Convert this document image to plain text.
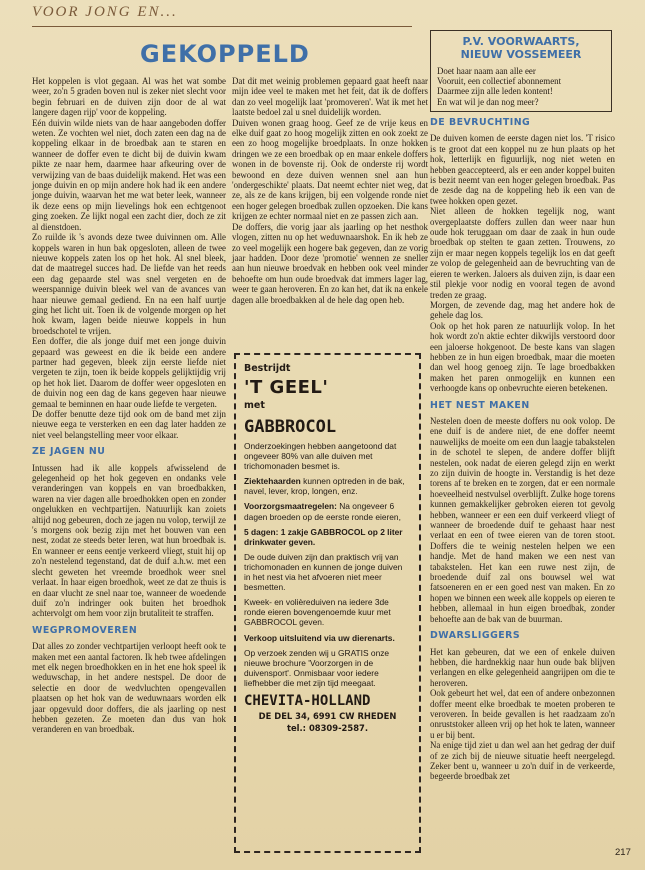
VOOR JONG EN...
GEKOPPELD

Het koppelen is vlot gegaan. Al was het wat sombe weer, zo'n 5 graden boven nul is zeker niet slecht voor begin februari en de duiven zijn door de al wat langere dagen rijp' voor de koppeling.

Eén duivin wilde niets van de haar aangeboden doffer weten. Ze vochten wel niet, doch zaten een dag na de koppeling elkaar in de broedbak aan te staren en wanneer de doffer even te dicht bij de duivin kwam pikte ze naar hem, daarmee haar afkeuring over de verwijzing van de baas duidelijk makend. Het was een jonge duivin en op mijn andere hok had ik een andere jonge duivin, waarvan het me wat beter leek, wanneer ik deze eens op mijn lievelings hok een echtgenoot ging zoeken. Ze lijkt nogal een zacht dier, doch ze zit al dienstdoen.

Zo ruilde ik 's avonds deze twee duivinnen om. Alle koppels waren in hun bak opgesloten, alleen de twee nieuwe koppels zaten los op het hok. Al snel bleek, dat de maatregel succes had. De liefde van het reeds een dag gepaarde stel was snel vergeten en de weerspannige duivin bleek wel van de avances van haar nieuwe gemaal gediend. En na een half uurtje ging het licht uit. Toen ik de volgende morgen op het hok kwam, lagen beide nieuwe koppels in hun broedschotel te vrijen.

Een doffer, die als jonge duif met een jonge duivin gepaard was geweest en die ik beide een andere partner had gegeven, bleek zijn eerste liefde niet vergeten te zijn, toen ik beide koppels gelijktijdig vrij op het hok liet. Daarom de doffer weer opgesloten en de duivin nog een dag de kans gegeven haar nieuwe gemaal te beminnen en haar oude liefde te vergeten.

De doffer benutte deze tijd ook om de band met zijn nieuwe eega te versterken en een dag later hadden ze niet veel belangstelling meer voor elkaar.

ZE JAGEN NU

Intussen had ik alle koppels afwisselend de gelegenheid op het hok gegeven en ondanks vele veranderingen van koppels en van broedbakken, waren na vier dagen alle broedhokken open en zonder ongelukken en vechtpartijen. Natuurlijk kan zoiets altijd nog gebeuren, doch ze jagen nu volop, terwijl ze 's morgens ook bezig zijn met het bouwen van een nest, zodat ze steeds beter leren, wat hun broedbak is. En wanneer er eens eentje verkeerd vliegt, stuit hij op zo'n nestelend tegenstand, dat de duif a.h.w. met een slecht geweten het vreemde broedhok weer snel verlaat. In haar eigen broedhok, weet ze dat ze thuis is en daar vlucht ze snel naar toe, wanneer de woedende duif zo'n indringer ook buiten het broedhok achtervolgt om hem voor zijn brutaliteit te straffen.

WEGPROMOVEREN

Dat alles zo zonder vechtpartijen verloopt heeft ook te maken met een aantal factoren. Ik heb twee afdelingen met elk negen broedhokken en in het ene hok speel ik weduwschap, in het andere nestspel. De door de selectie en door de wedvluchten opengevallen plaatsen op het hok van de weduwnaars worden elk jaar opgevuld door doffers, die als jaarling op nest hebben gezeten. Ze moeten dan dus van hok veranderen en van broedbak.

Dat dit met weinig problemen gepaard gaat heeft naar mijn idee veel te maken met het feit, dat ik de doffers dan zo veel mogelijk laat 'promoveren'. Wat ik met het laatste bedoel zal u snel duidelijk worden.

Duiven wonen graag hoog. Geef ze de vrije keus en elke duif gaat zo hoog mogelijk zitten en ook zoekt ze een zo hoog mogelijke broedplaats. In onze hokken dringen we ze een broedbak op en maar enkele doffers wonen in de bovenste rij. Ook de onderste rij wordt bewoond en deze duiven wennen snel aan hun 'ondergeschikte' plaats. Dat neemt echter niet weg, dat ze, als ze de kans krijgen, bij een volgende ronde niet een hoger gelegen broedbak zullen opzoeken. Die kans krijgen ze echter normaal niet en ze passen zich aan.

De doffers, die vorig jaar als jaarling op het nesthok vlogen, zitten nu op het weduwnaarshok. En ik heb ze zo veel mogelijk een hogere bak gegeven, dan ze vorig jaar hadden. Door deze 'promotie' wennen ze sneller aan hun nieuwe broedvak en hebben ook veel minder behoefte om hun oude broedvak dat immers lager lag, weer te gaan heroveren. En zo kan het, dat ik na enkele dagen alle broedbakken al de hele dag open heb.

Bestrijdt
'T GEEL'
met
GABBROCOL

Onderzoekingen hebben aangetoond dat ongeveer 80% van alle duiven met trichomonaden besmet is.

Ziektehaarden kunnen optreden in de bak, navel, lever, krop, longen, enz.

Voorzorgsmaatregelen: Na ongeveer 6 dagen broeden op de eerste ronde eieren,

5 dagen: 1 zakje GABBROCOL op 2 liter drinkwater geven.

De oude duiven zijn dan praktisch vrij van trichomonaden en kunnen de jonge duiven in het nest via het afvoeren niet meer besmetten.

Kweek- en volièreduiven na iedere 3de ronde eieren bovengenoemde kuur met GABBROCOL geven.

Verkoop uitsluitend via uw dierenarts.

Op verzoek zenden wij u GRATIS onze nieuwe brochure 'Voorzorgen in de duivensport'. Onmisbaar voor iedere liefhebber die met zijn tijd meegaat.

CHEVITA-HOLLAND
DE DEL 34, 6991 CW RHEDEN
tel.: 08309-2587.
P.V. VOORWAARTS,
NIEUW VOSSEMEER
Doet haar naam aan alle eer
Vooruit, een collectief abonnement
Daarmee zijn alle leden kontent!
En wat wil je dan nog meer?
DE BEVRUCHTING

De duiven komen de eerste dagen niet los. 'T risico is te groot dat een koppel nu ze hun plaats op het hok, letterlijk en figuurlijk, nog niet weten en hebben geaccepteerd, als er een ander koppel buiten is bezit neemt van een hoger gelegen broedbak. Pas de zesde dag na de koppeling heb ik een van de twee hokken open gezet.

Niet alleen de hokken tegelijk nog, want overgeplaatste doffers zullen dan weer naar hun oude hok teruggaan om daar de zaak in hun oude broedbak op stelten te gaan zetten. Trouwens, zo zijn er maar negen koppels tegelijk los en dat geeft ze volop de gelegenheid aan de bevruchting van de eieren te werken. Jaloers als duiven zijn, is daar een stil plekje voor nodig en vooral tegen de avond treden ze graag.

Morgen, de zevende dag, mag het andere hok de gehele dag los.

Ook op het hok paren ze natuurlijk volop. In het hok wordt zo'n aktie echter dikwijls verstoord door een jaloerse hokgenoot. De beste kans van slagen hebben ze in hun eigen broedbak, maar die moeten dan wel hoog genoeg zijn. Te lage broedbakken maken het paren onmogelijk en kunnen een verhoogde kans op onbevruchte eieren betekenen.

HET NEST MAKEN

Nestelen doen de meeste doffers nu ook volop. De ene duif is de andere niet, de ene doffer neemt nauwelijks de moeite om een dun laagje tabakstelen in de schotel te slepen, de andere doffer blijft nestelen, ook nadat de eieren gelegd zijn en werkt zo zijn duivin de hoogte in. Verstandig is het deze torens af te breken en te zorgen, dat er een normale hoeveelheid nestvulsel overblijft. Zulke hoge torens kunnen gemakkelijker gebroken eieren tot gevolg hebben, wanneer er een een duif verkeerd vliegt of wanneer de broedende duif te gehaast haar nest verlaat en een of twee eieren van de toren stoot. Doffers die te weinig nestelen helpen we een handje. Met de hand maken we een nest van tabakstelen. Het kan een ruwe nest zijn, de broedende duif zal ons bouwsel wel wat fatsoeneren en er een goed nest van maken. En zo hopen we binnen een week alle koppels op eieren te hebben, allemaal in hun eigen broedbak, zonder behoefte aan de bak van de buurman.

DWARSLIGGERS

Het kan gebeuren, dat we een of enkele duiven hebben, die hardnekkig naar hun oude bak blijven verlangen en elke gelegenheid aangrijpen om die te heroveren.

Ook gebeurt het wel, dat een of andere onbezonnen doffer meent elke broedbak te moeten proberen te veroveren. In beide gevallen is het raadzaam zo'n onruststoker alleen vrij op het hok te laten, wanneer u er bij bent.

Na enige tijd ziet u dan wel aan het gedrag der duif of ze zich bij de nieuwe situatie heeft neergelegd. Zeker bent u, wanneer u zo'n duif in de verkeerde, begeerde broedbak zet

217
